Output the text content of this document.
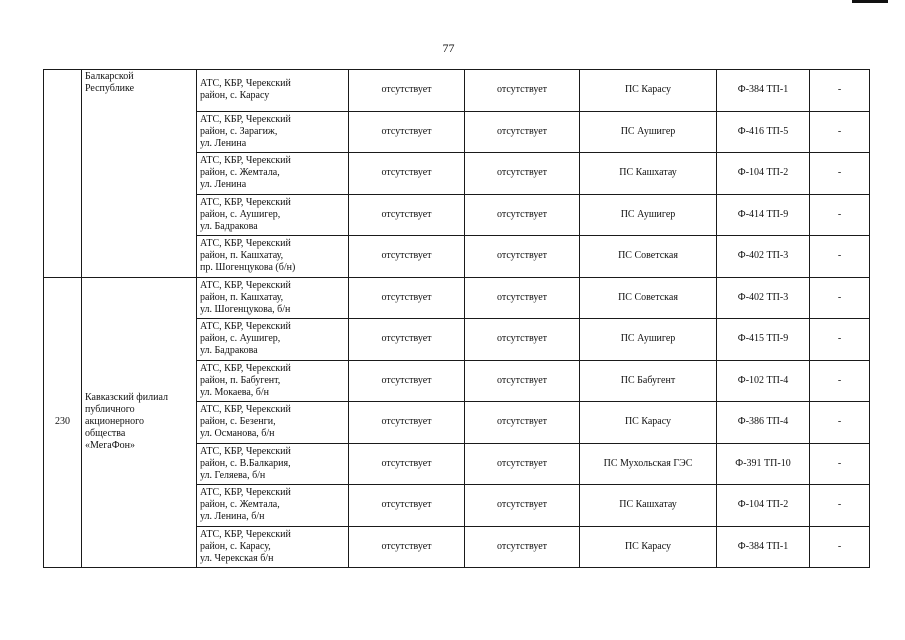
77
	Балкарской
Республике	АТС, КБР, Черекский
район, с. Карасу	отсутствует	отсутствует	ПС Карасу	Ф-384 ТП-1	-
		АТС, КБР, Черекский
район, с. Зарагиж,
ул. Ленина	отсутствует	отсутствует	ПС Аушигер	Ф-416 ТП-5	-
		АТС, КБР, Черекский
район, с. Жемтала,
ул. Ленина	отсутствует	отсутствует	ПС Кашхатау	Ф-104 ТП-2	-
		АТС, КБР, Черекский
район, с. Аушигер,
ул. Бадракова	отсутствует	отсутствует	ПС Аушигер	Ф-414 ТП-9	-
		АТС, КБР, Черекский
район, п. Кашхатау,
пр. Шогенцукова (б/н)	отсутствует	отсутствует	ПС Советская	Ф-402 ТП-3	-
230	Кавказский филиал
публичного
акционерного
общества
«МегаФон»	АТС, КБР, Черекский
район, п. Кашхатау,
ул. Шогенцукова, б/н	отсутствует	отсутствует	ПС Советская	Ф-402 ТП-3	-
		АТС, КБР, Черекский
район, с. Аушигер,
ул. Бадракова	отсутствует	отсутствует	ПС Аушигер	Ф-415 ТП-9	-
		АТС, КБР, Черекский
район, п. Бабугент,
ул. Мокаева, б/н	отсутствует	отсутствует	ПС Бабугент	Ф-102 ТП-4	-
		АТС, КБР, Черекский
район, с. Безенги,
ул. Османова, б/н	отсутствует	отсутствует	ПС Карасу	Ф-386 ТП-4	-
		АТС, КБР, Черекский
район, с. В.Балкария,
ул. Геляева, б/н	отсутствует	отсутствует	ПС Мухольская ГЭС	Ф-391 ТП-10	-
		АТС, КБР, Черекский
район, с. Жемтала,
ул. Ленина, б/н	отсутствует	отсутствует	ПС Кашхатау	Ф-104 ТП-2	-
		АТС, КБР, Черекский
район, с. Карасу,
ул. Черекская б/н	отсутствует	отсутствует	ПС Карасу	Ф-384 ТП-1	-
